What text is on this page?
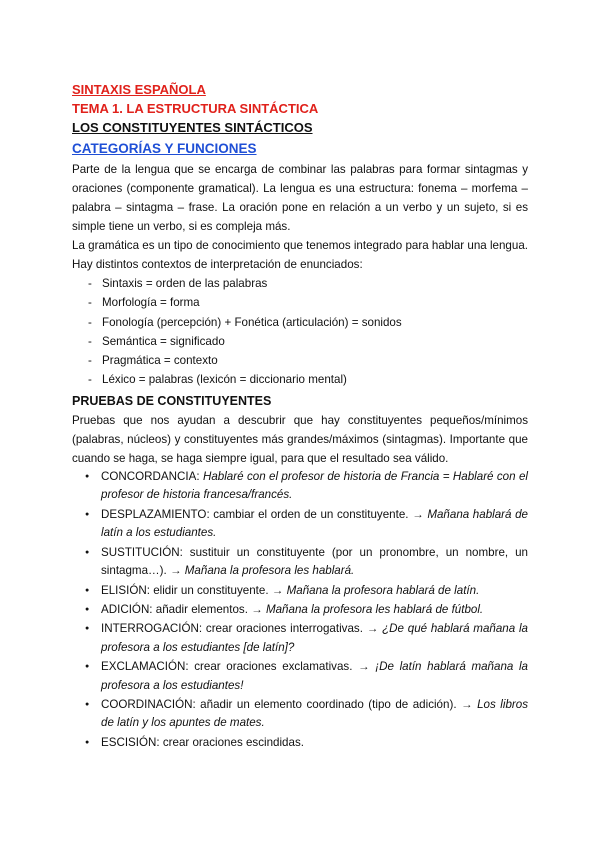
SINTAXIS ESPAÑOLA
TEMA 1. LA ESTRUCTURA SINTÁCTICA
LOS CONSTITUYENTES SINTÁCTICOS
CATEGORÍAS Y FUNCIONES

Parte de la lengua que se encarga de combinar las palabras para formar sintagmas y oraciones (componente gramatical). La lengua es una estructura: fonema – morfema – palabra – sintagma – frase. La oración pone en relación a un verbo y un sujeto, si es simple tiene un verbo, si es compleja más.

La gramática es un tipo de conocimiento que tenemos integrado para hablar una lengua. Hay distintos contextos de interpretación de enunciados:

- Sintaxis = orden de las palabras
- Morfología = forma
- Fonología (percepción) + Fonética (articulación) = sonidos
- Semántica = significado
- Pragmática = contexto
- Léxico = palabras (lexicón = diccionario mental)
PRUEBAS DE CONSTITUYENTES

Pruebas que nos ayudan a descubrir que hay constituyentes pequeños/mínimos (palabras, núcleos) y constituyentes más grandes/máximos (sintagmas). Importante que cuando se haga, se haga siempre igual, para que el resultado sea válido.

● CONCORDANCIA: Hablaré con el profesor de historia de Francia = Hablaré con el profesor de historia francesa/francés.
● DESPLAZAMIENTO: cambiar el orden de un constituyente. → Mañana hablará de latín a los estudiantes.
● SUSTITUCIÓN: sustituir un constituyente (por un pronombre, un nombre, un sintagma…). → Mañana la profesora les hablará.
● ELISIÓN: elidir un constituyente. → Mañana la profesora hablará de latín.
● ADICIÓN: añadir elementos. → Mañana la profesora les hablará de fútbol.
● INTERROGACIÓN: crear oraciones interrogativas. → ¿De qué hablará mañana la profesora a los estudiantes [de latín]?
● EXCLAMACIÓN: crear oraciones exclamativas. → ¡De latín hablará mañana la profesora a los estudiantes!
● COORDINACIÓN: añadir un elemento coordinado (tipo de adición). → Los libros de latín y los apuntes de mates.
● ESCISIÓN: crear oraciones escindidas.
